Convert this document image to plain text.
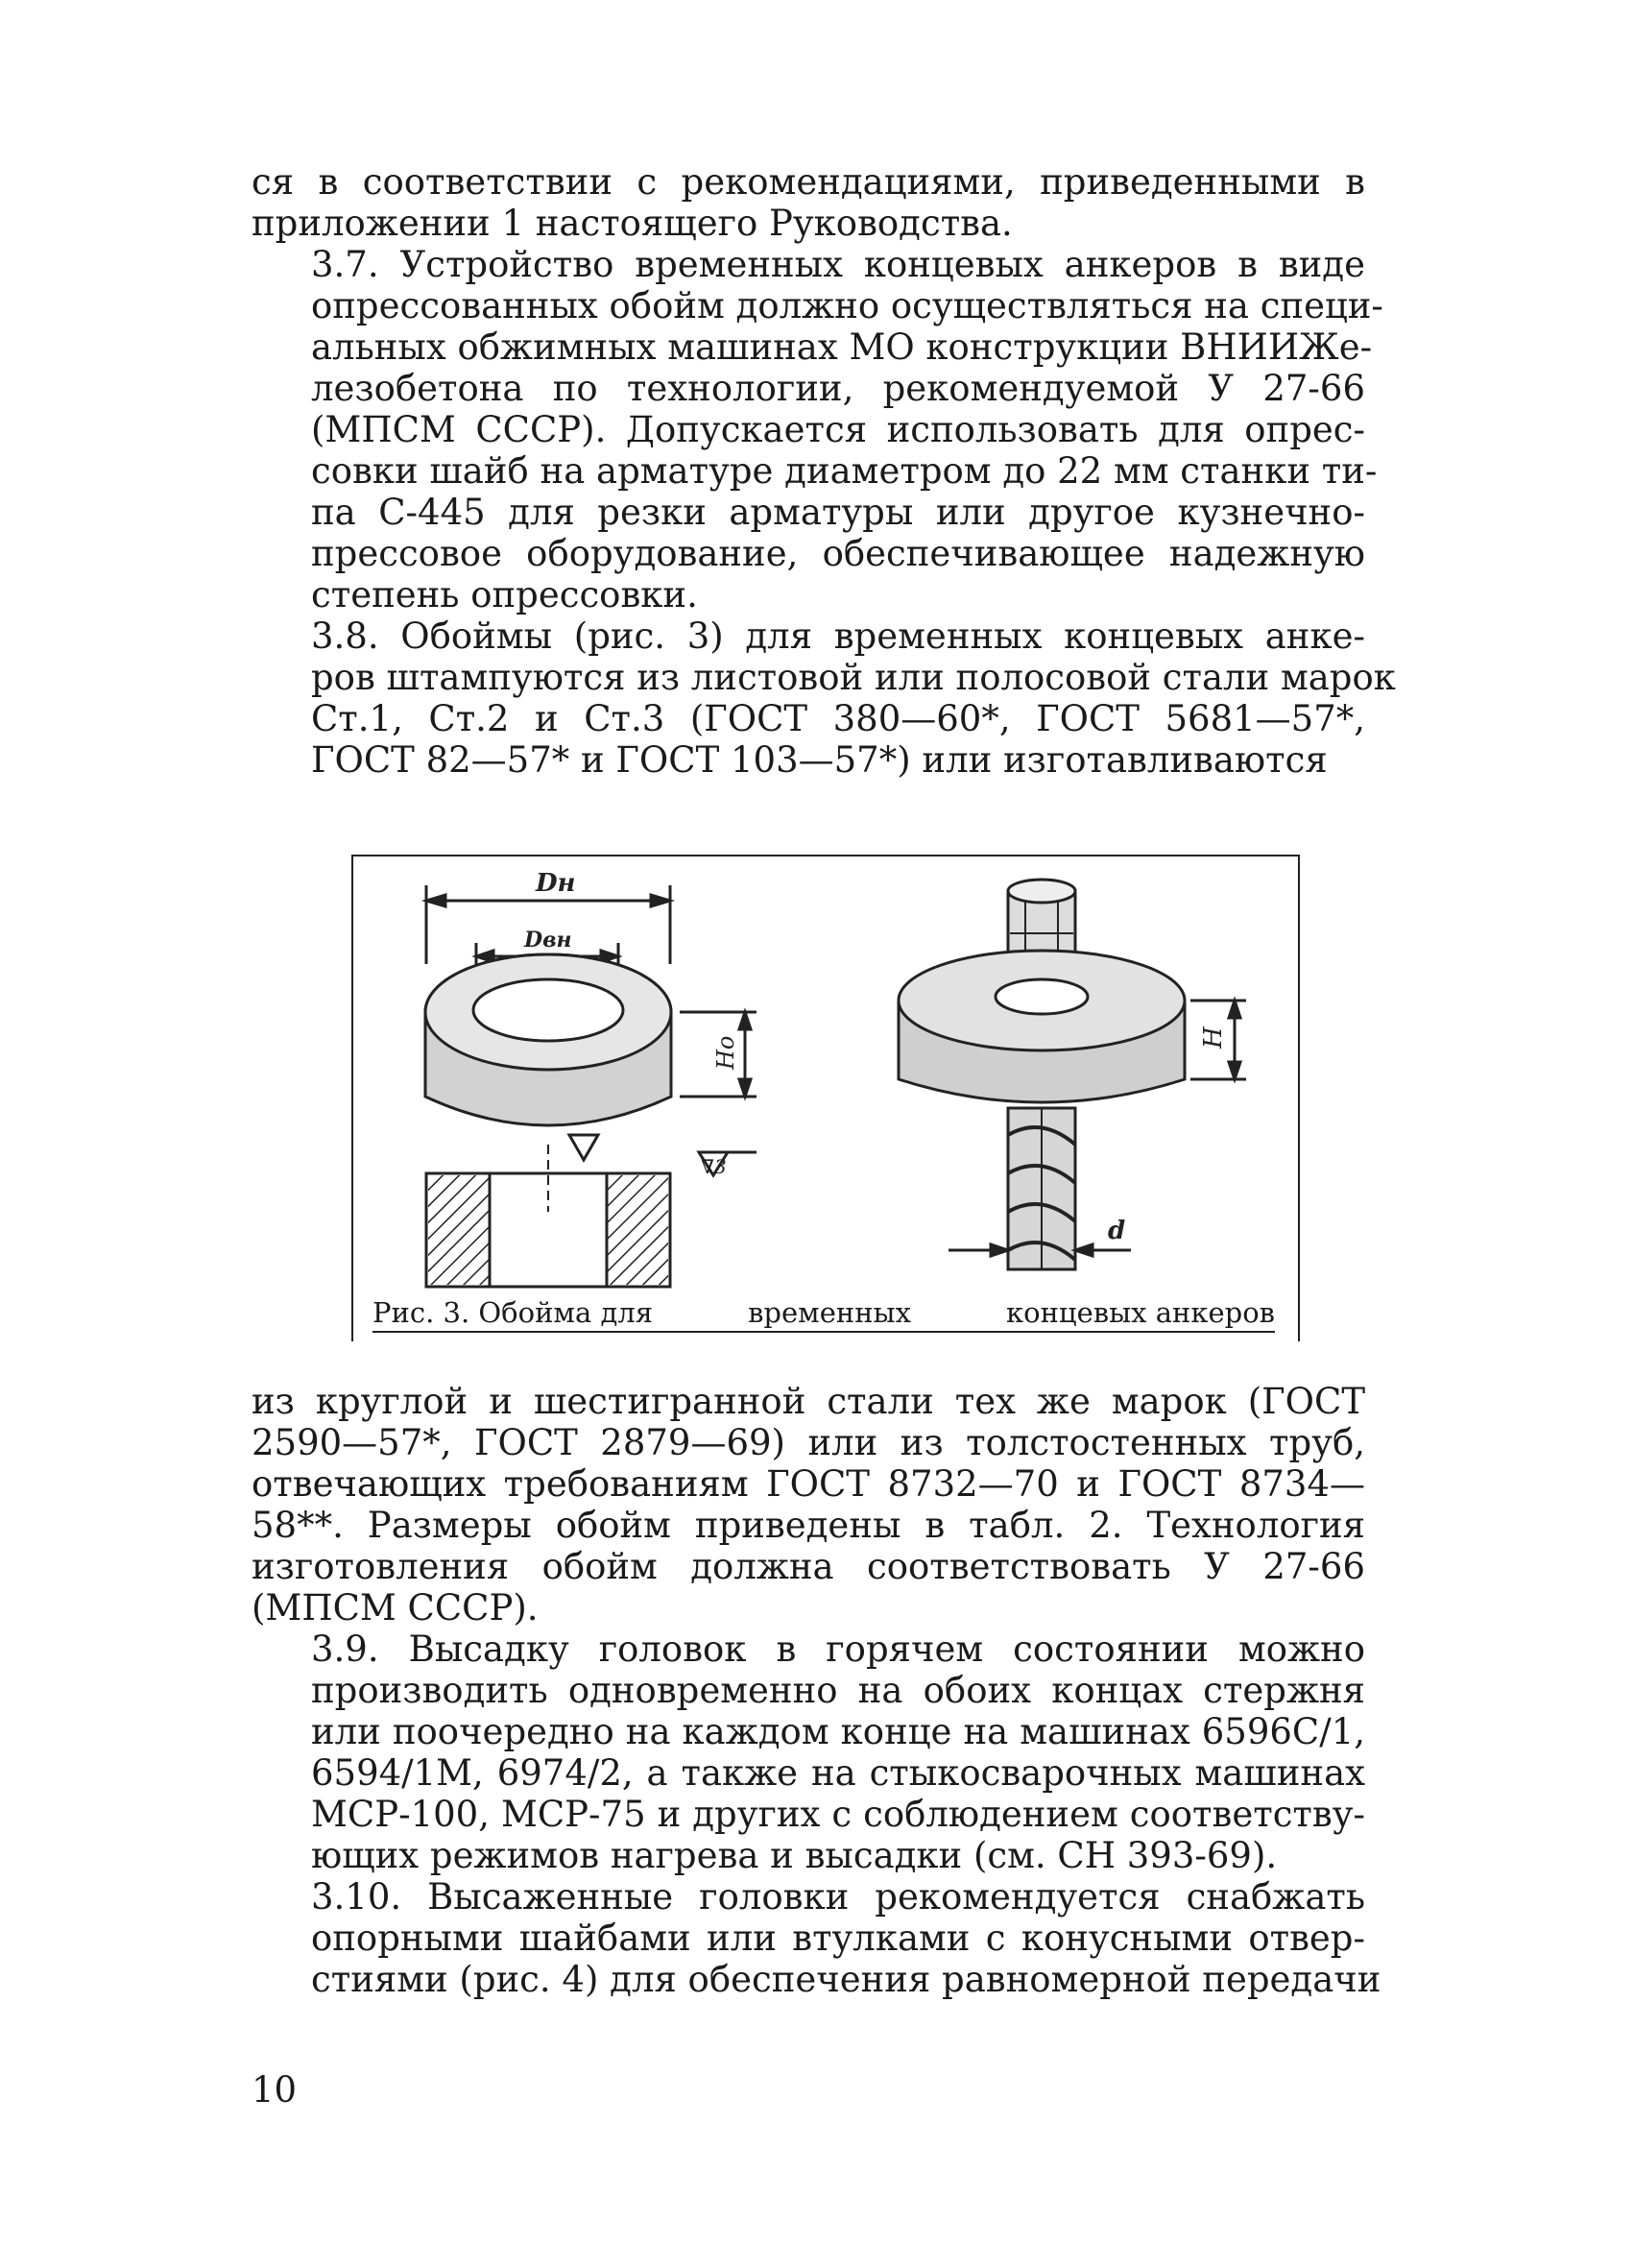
ся в соответствии с рекомендациями, приведенными в
приложении 1 настоящего Руководства.

3.7. Устройство временных концевых анкеров в виде
опрессованных обойм должно осуществляться на специ-
альных обжимных машинах МО конструкции ВНИИЖе-
лезобетона по технологии, рекомендуемой У 27-66
(МПСМ СССР). Допускается использовать для опрес-
совки шайб на арматуре диаметром до 22 мм станки ти-
па С-445 для резки арматуры или другое кузнечно-
прессовое оборудование, обеспечивающее надежную
степень опрессовки.

3.8. Обоймы (рис. 3) для временных концевых анке-
ров штампуются из листовой или полосовой стали марок
Ст.1, Ст.2 и Ст.3 (ГОСТ 380—60*, ГОСТ 5681—57*,
ГОСТ 82—57* и ГОСТ 103—57*) или изготавливаются

Dн
Dвн
Hо
∇3
H
d
Рис. 3. Обойма для	временных	концевых анкеров

из круглой и шестигранной стали тех же марок (ГОСТ
2590—57*, ГОСТ 2879—69) или из толстостенных труб,
отвечающих требованиям ГОСТ 8732—70 и ГОСТ 8734—
58**. Размеры обойм приведены в табл. 2. Технология
изготовления обойм должна соответствовать У 27-66
(МПСМ СССР).

3.9. Высадку головок в горячем состоянии можно
производить одновременно на обоих концах стержня
или поочередно на каждом конце на машинах 6596С/1,
6594/1М, 6974/2, а также на стыкосварочных машинах
МСР-100, МСР-75 и других с соблюдением соответству-
ющих режимов нагрева и высадки (см. СН 393-69).

3.10. Высаженные головки рекомендуется снабжать
опорными шайбами или втулками с конусными отвер-
стиями (рис. 4) для обеспечения равномерной передачи

10
